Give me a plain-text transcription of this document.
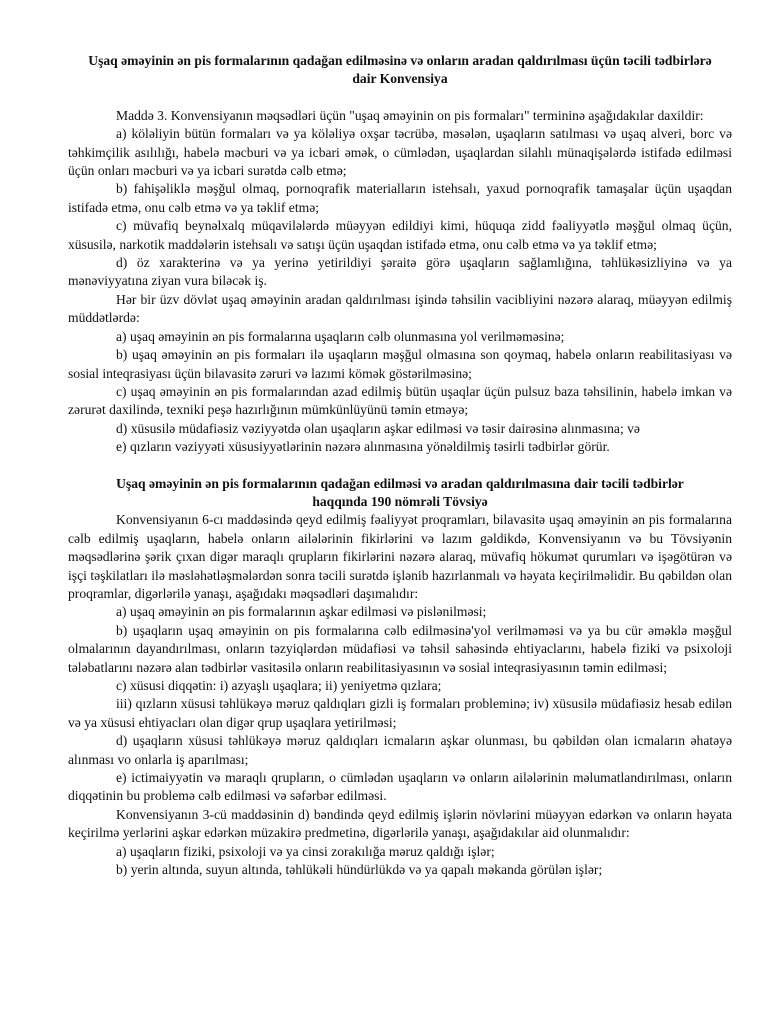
Uşaq əməyinin ən pis formalarının qadağan edilməsinə və onların aradan qaldırılması üçün təcili tədbirlərə dair Konvensiya

Maddə 3. Konvensiyanın məqsədləri üçün "uşaq əməyinin on pis formaları" termininə aşağıdakılar daxildir:

a) köləliyin bütün formaları və ya köləliyə oxşar təcrübə, məsələn, uşaqların satılması və uşaq alveri, borc və təhkimçilik asılılığı, habelə məcburi və ya icbari əmək, o cümlədən, uşaqlardan silahlı münaqişələrdə istifadə edilməsi üçün onları məcburi və ya icbari surətdə cəlb etmə;

b) fahişəliklə məşğul olmaq, pornoqrafik materialların istehsalı, yaxud pornoqrafik tamaşalar üçün uşaqdan istifadə etmə, onu cəlb etmə və ya təklif etmə;

c) müvafiq beynəlxalq müqavilələrdə müəyyən edildiyi kimi, hüquqa zidd fəaliyyətlə məşğul olmaq üçün, xüsusilə, narkotik maddələrin istehsalı və satışı üçün uşaqdan istifadə etmə, onu cəlb etmə və ya təklif etmə;

d) öz xarakterinə və ya yerinə yetirildiyi şəraitə görə uşaqların sağlamlığına, təhlükəsizliyinə və ya mənəviyyatına ziyan vura biləcək iş.

Hər bir üzv dövlət uşaq əməyinin aradan qaldırılması işində təhsilin vacibliyini nəzərə alaraq, müəyyən edilmiş müddətlərdə:

a) uşaq əməyinin ən pis formalarına uşaqların cəlb olunmasına yol verilməməsinə;

b) uşaq əməyinin ən pis formaları ilə uşaqların məşğul olmasına son qoymaq, habelə onların reabilitasiyası və sosial inteqrasiyası üçün bilavasitə zəruri və lazımi kömək göstərilməsinə;

c) uşaq əməyinin ən pis formalarından azad edilmiş bütün uşaqlar üçün pulsuz baza təhsilinin, habelə imkan və zərurət daxilində, texniki peşə hazırlığının mümkünlüyünü təmin etməyə;

d) xüsusilə müdafiəsiz vəziyyətdə olan uşaqların aşkar edilməsi və təsir dairəsinə alınmasına; və

e) qızların vəziyyəti xüsusiyyətlərinin nəzərə alınmasına yönəldilmiş təsirli tədbirlər görür.

Uşaq əməyinin ən pis formalarının qadağan edilməsi və aradan qaldırılmasına dair təcili tədbirlər haqqında 190 nömrəli Tövsiyə

Konvensiyanın 6-cı maddəsində qeyd edilmiş fəaliyyət proqramları, bilavasitə uşaq əməyinin ən pis formalarına cəlb edilmiş uşaqların, habelə onların ailələrinin fikirlərini və lazım gəldikdə, Konvensiyanın və bu Tövsiyənin məqsədlərinə şərik çıxan digər maraqlı qrupların fikirlərini nəzərə alaraq, müvafiq hökumət qurumları və işəgötürən və işçi təşkilatları ilə məsləhətləşmələrdən sonra təcili surətdə işlənib hazırlanmalı və həyata keçirilməlidir. Bu qəbildən olan proqramlar, digərlərilə yanaşı, aşağıdakı məqsədləri daşımalıdır:

a) uşaq əməyinin ən pis formalarının aşkar edilməsi və pislənilməsi;

b) uşaqların uşaq əməyinin on pis formalarına cəlb edilməsinə'yol verilməməsi və ya bu cür əməklə məşğul olmalarının dayandırılması, onların təzyiqlərdən müdafiəsi və təhsil sahəsində ehtiyaclarını, habelə fiziki və psixoloji tələbatlarını nəzərə alan tədbirlər vasitəsilə onların reabilitasiyasının və sosial inteqrasiyasının təmin edilməsi;

c) xüsusi diqqətin: i) azyaşlı uşaqlara; ii) yeniyetmə qızlara;

iii) qızların xüsusi təhlükəyə məruz qaldıqları gizli iş formaları probleminə; iv) xüsusilə müdafiəsiz hesab edilən və ya xüsusi ehtiyacları olan digər qrup uşaqlara yetirilməsi;

d) uşaqların xüsusi təhlükəyə məruz qaldıqları icmaların aşkar olunması, bu qəbildən olan icmaların əhatəyə alınması vo onlarla iş aparılması;

e) ictimaiyyətin və maraqlı qrupların, o cümlədən uşaqların və onların ailələrinin məlumatlandırılması, onların diqqətinin bu problemə cəlb edilməsi və səfərbər edilməsi.

Konvensiyanın 3-cü maddəsinin d) bəndində qeyd edilmiş işlərin növlərini müəyyən edərkən və onların həyata keçirilmə yerlərini aşkar edərkən müzakirə predmetinə, digərlərilə yanaşı, aşağıdakılar aid olunmalıdır:

a) uşaqların fiziki, psixoloji və ya cinsi zorakılığa məruz qaldığı işlər;

b) yerin altında, suyun altında, təhlükəli hündürlükdə və ya qapalı məkanda görülən işlər;
